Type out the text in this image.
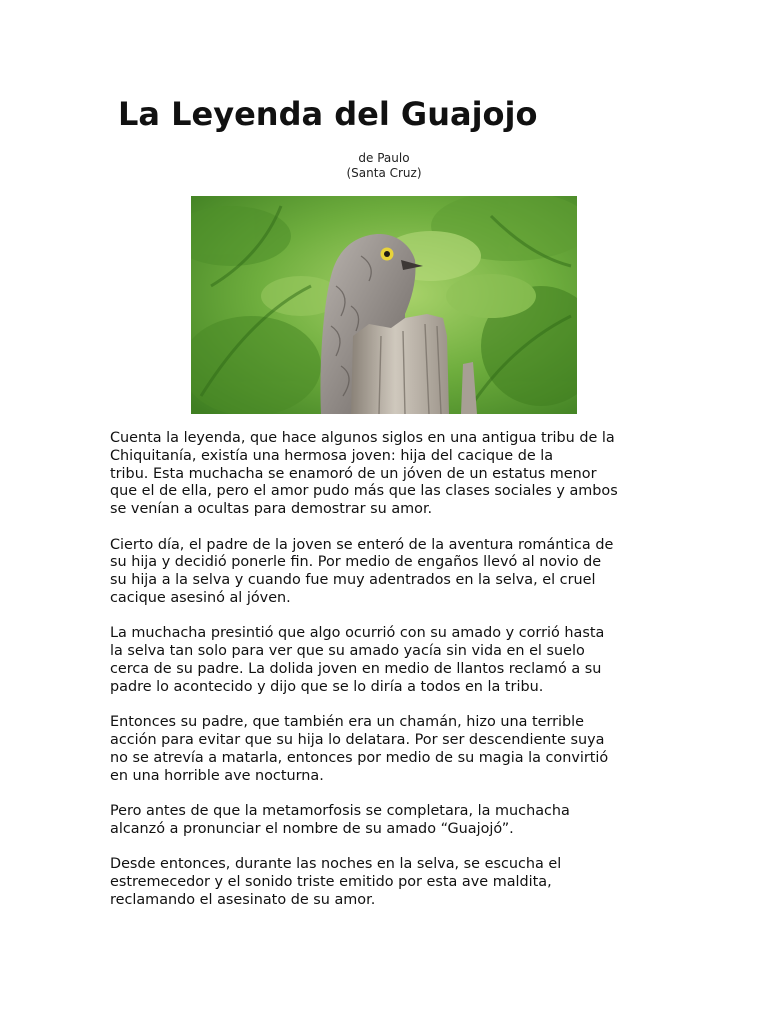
La Leyenda del Guajojo
de Paulo
(Santa Cruz)

Cuenta la leyenda, que hace algunos siglos en una antigua tribu de la
Chiquitanía, existía una hermosa joven: hija del cacique de la
tribu. Esta muchacha se enamoró de un jóven de un estatus menor
que el de ella, pero el amor pudo más que las clases sociales y ambos
se venían a ocultas para demostrar su amor.

Cierto día, el padre de la joven se enteró de la aventura romántica de
su hija y decidió ponerle fin. Por medio de engaños llevó al novio de
su hija a la selva y cuando fue muy adentrados en la selva, el cruel
cacique asesinó al jóven.

La muchacha presintió que algo ocurrió con su amado y corrió hasta
la selva tan solo para ver que su amado yacía sin vida en el suelo
cerca de su padre. La dolida joven en medio de llantos reclamó a su
padre lo acontecido y dijo que se lo diría a todos en la tribu.

Entonces su padre, que también era un chamán, hizo una terrible
acción para evitar que su hija lo delatara. Por ser descendiente suya
no se atrevía a matarla, entonces por medio de su magia la convirtió
en una horrible ave nocturna.

Pero antes de que la metamorfosis se completara, la muchacha
alcanzó a pronunciar el nombre de su amado “Guajojó”.

Desde entonces, durante las noches en la selva, se escucha el
estremecedor y el sonido triste emitido por esta ave maldita,
reclamando el asesinato de su amor.
